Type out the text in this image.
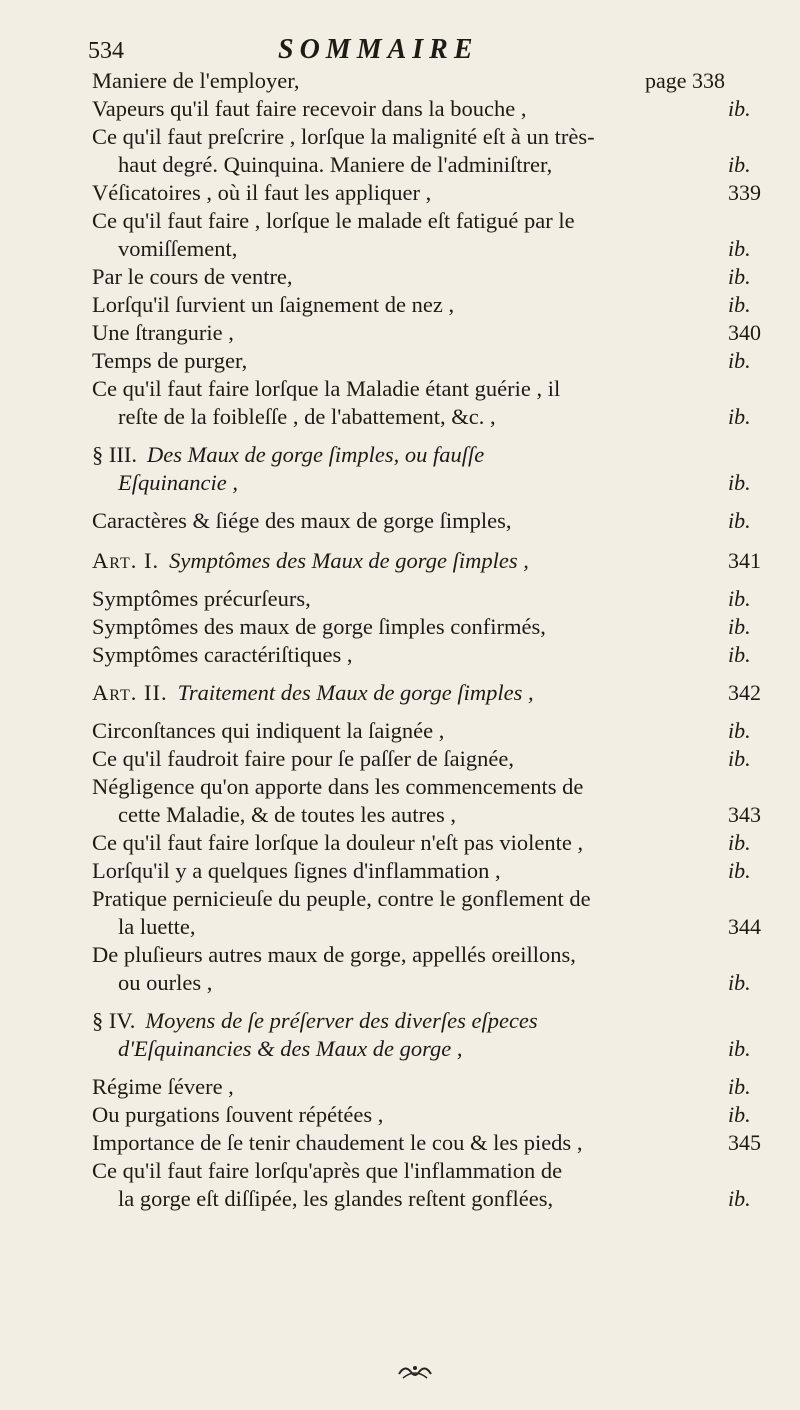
534	SOMMAIRE
Maniere de l'employer,	page 338
Vapeurs qu'il faut faire recevoir dans la bouche ,	ib.
Ce qu'il faut preſcrire , lorſque la malignité eſt à un très-
haut degré. Quinquina. Maniere de l'adminiſtrer,	ib.
Véſicatoires , où il faut les appliquer ,	339
Ce qu'il faut faire , lorſque le malade eſt fatigué par le
vomiſſement,	ib.
Par le cours de ventre,	ib.
Lorſqu'il ſurvient un ſaignement de nez ,	ib.
Une ſtrangurie ,	340
Temps de purger,	ib.
Ce qu'il faut faire lorſque la Maladie étant guérie , il
reſte de la foibleſſe , de l'abattement, &c. ,	ib.
§ III. Des Maux de gorge ſimples, ou fauſſe
Eſquinancie ,	ib.
Caractères & ſiége des maux de gorge ſimples,	ib.
Art. I. Symptômes des Maux de gorge ſimples ,	341
Symptômes précurſeurs,	ib.
Symptômes des maux de gorge ſimples confirmés,	ib.
Symptômes caractériſtiques ,	ib.
Art. II. Traitement des Maux de gorge ſimples ,	342
Circonſtances qui indiquent la ſaignée ,	ib.
Ce qu'il faudroit faire pour ſe paſſer de ſaignée,	ib.
Négligence qu'on apporte dans les commencements de
cette Maladie, & de toutes les autres ,	343
Ce qu'il faut faire lorſque la douleur n'eſt pas violente ,	ib.
Lorſqu'il y a quelques ſignes d'inflammation ,	ib.
Pratique pernicieuſe du peuple, contre le gonflement de
la luette,	344
De pluſieurs autres maux de gorge, appellés oreillons,
ou ourles ,	ib.
§ IV. Moyens de ſe préſerver des diverſes eſpeces
d'Eſquinancies & des Maux de gorge ,	ib.
Régime ſévere ,	ib.
Ou purgations ſouvent répétées ,	ib.
Importance de ſe tenir chaudement le cou & les pieds ,	345
Ce qu'il faut faire lorſqu'après que l'inflammation de
la gorge eſt diſſipée, les glandes reſtent gonflées,	ib.
